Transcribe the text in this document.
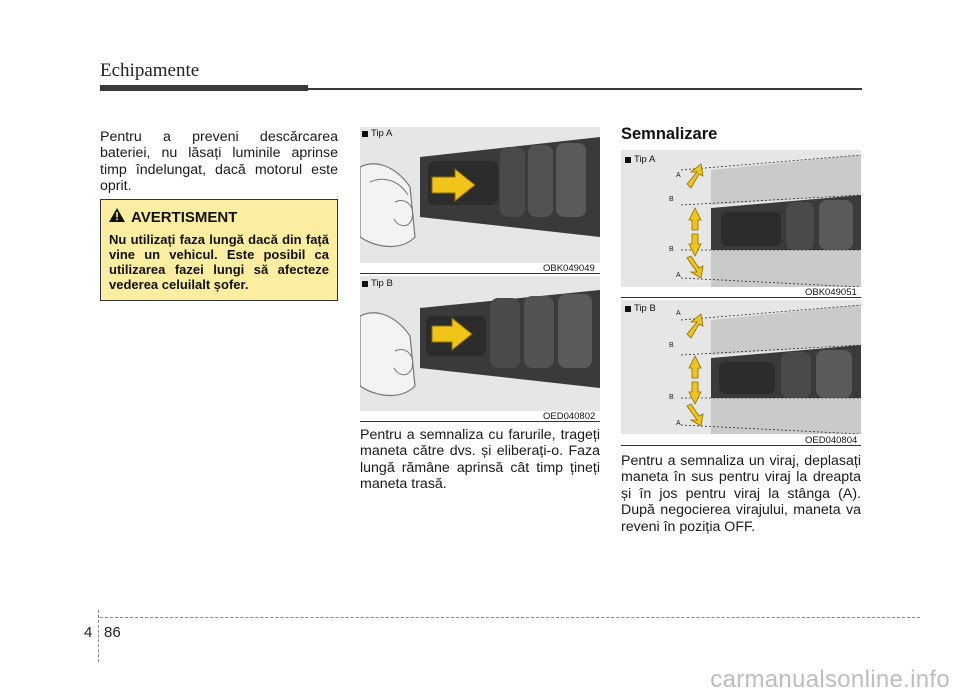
Echipamente

Pentru a preveni descărcarea bateriei, nu lăsați luminile aprinse timp îndelungat, dacă motorul este oprit.

AVERTISMENT

Nu utilizați faza lungă dacă din față vine un vehicul. Este posibil ca utilizarea fazei lungi să afecteze vederea celuilalt șofer.

Tip A
OBK049049
Tip B
OED040802

Pentru a semnaliza cu farurile, trageți maneta către dvs. și eliberați-o. Faza lungă rămâne aprinsă cât timp țineți maneta trasă.

Semnalizare
A
B
B
A
Tip A
OBK049051
A
B
B
A
Tip B
OED040804

Pentru a semnaliza un viraj, deplasați maneta în sus pentru viraj la dreapta și în jos pentru viraj la stânga (A). După negocierea virajului, maneta va reveni în poziția OFF.

4 86
carmanualsonline.info
